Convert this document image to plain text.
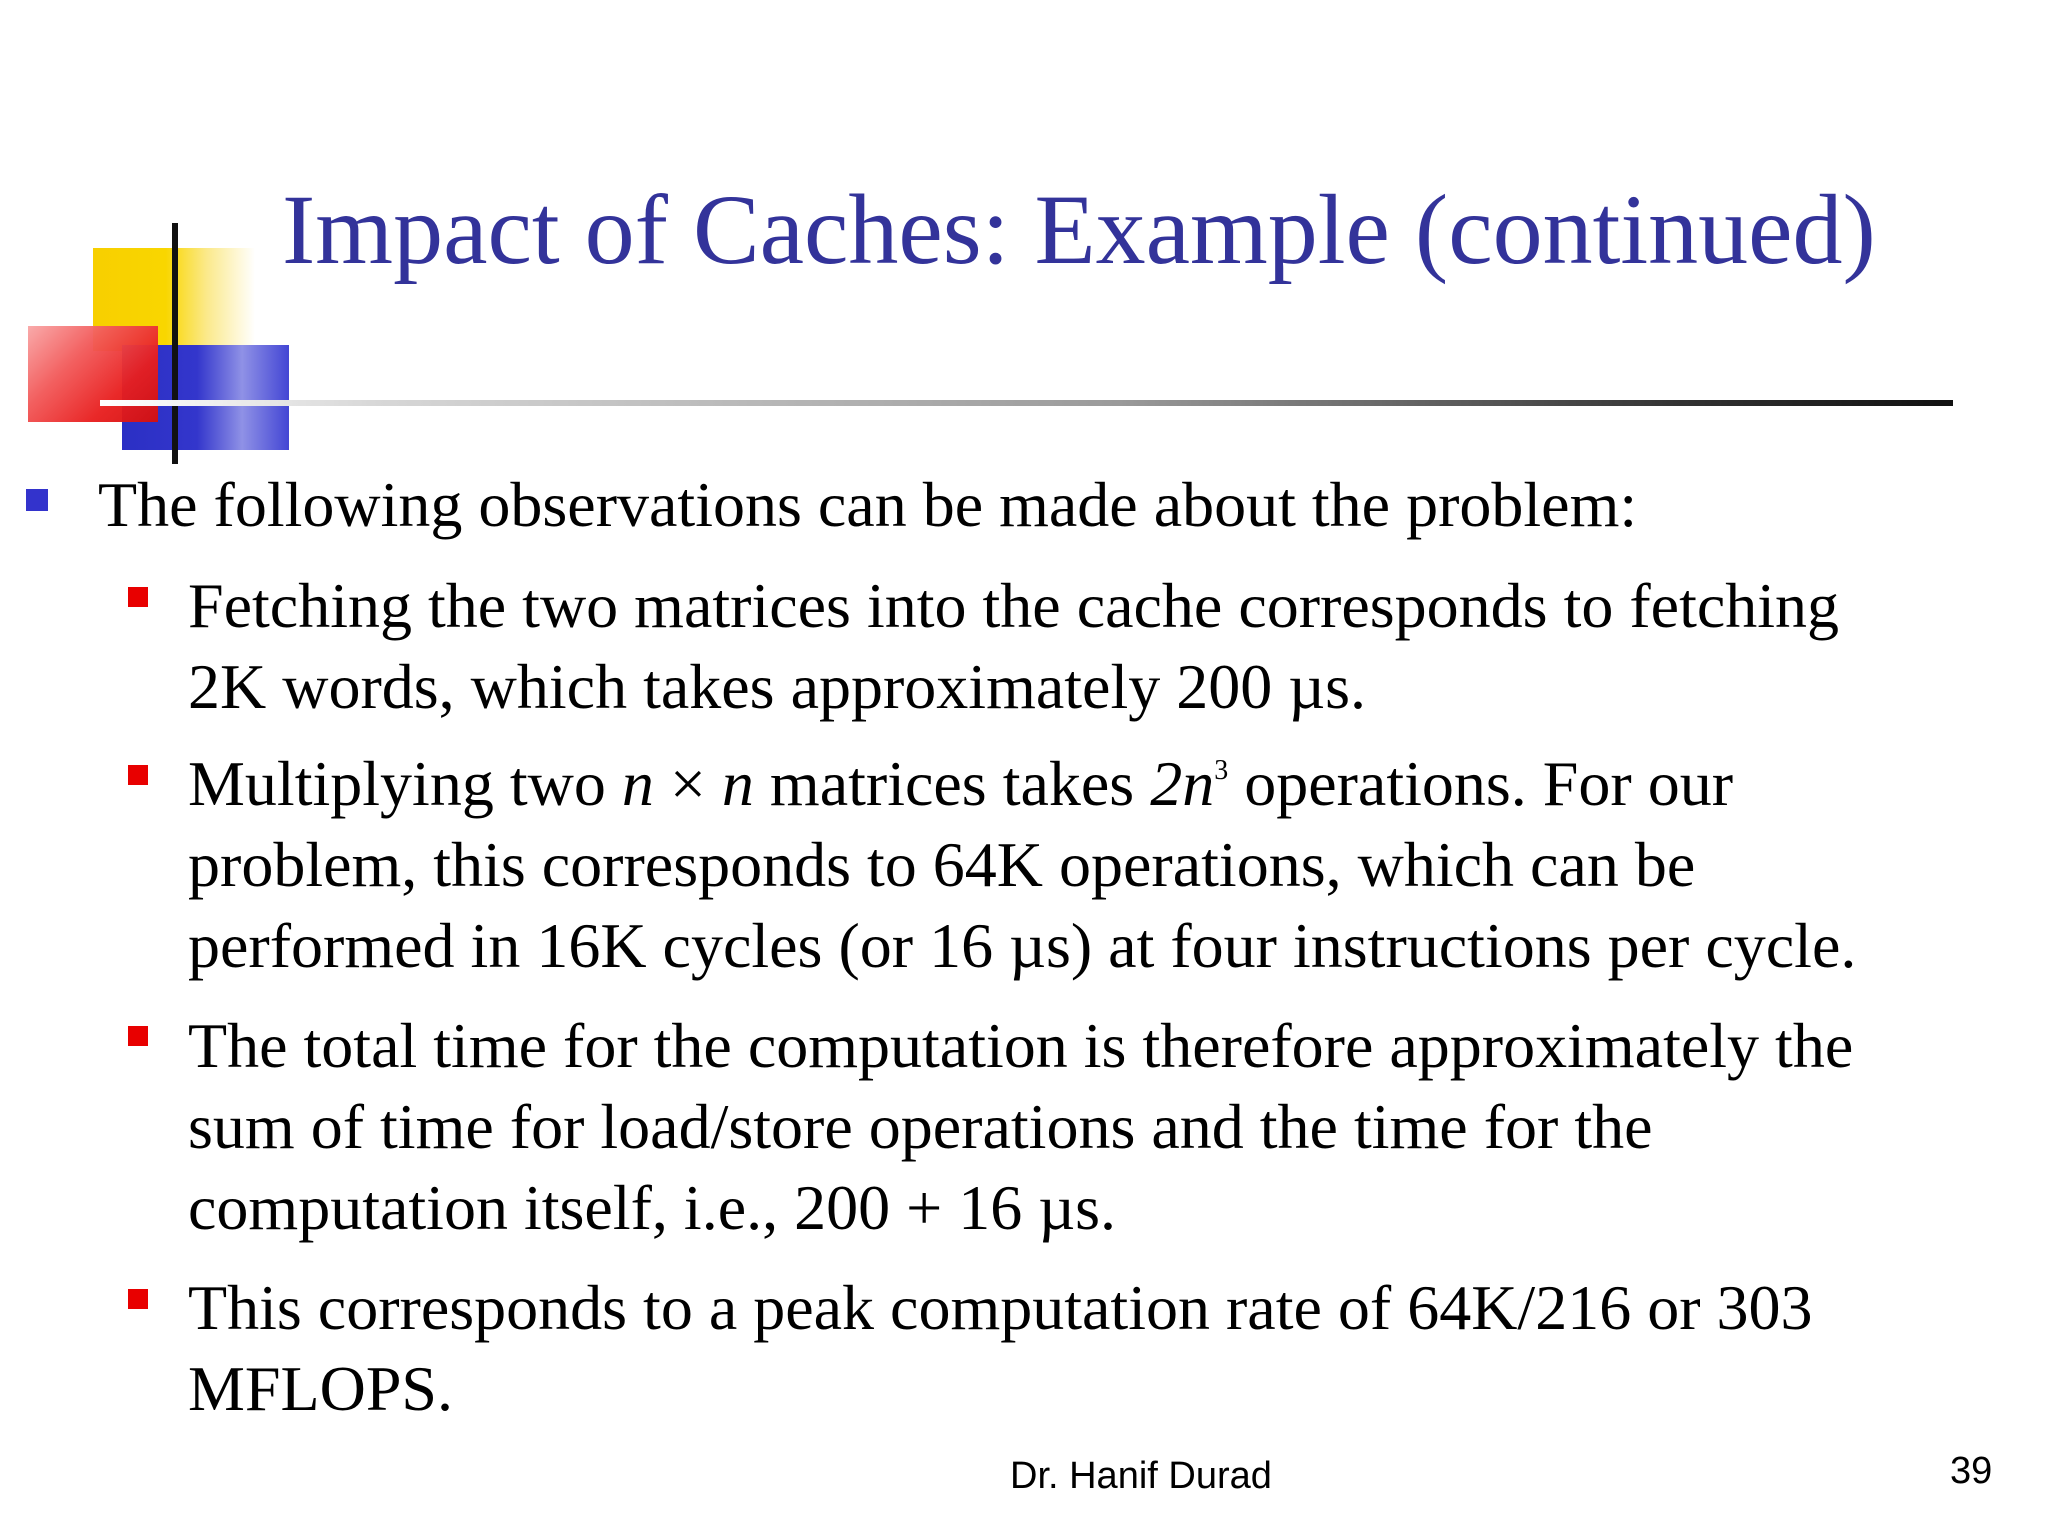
Impact of Caches: Example (continued)
The following observations can be made about the problem:
Fetching the two matrices into the cache corresponds to fetching
2K words, which takes approximately 200 µs.
Multiplying two n × n matrices takes $2n^3$ operations. For our
problem, this corresponds to 64K operations, which can be
performed in 16K cycles (or 16 µs) at four instructions per cycle.
The total time for the computation is therefore approximately the
sum of time for load/store operations and the time for the
computation itself, i.e., 200 + 16 µs.
This corresponds to a peak computation rate of 64K/216 or 303
MFLOPS.
Dr. Hanif Durad	39
